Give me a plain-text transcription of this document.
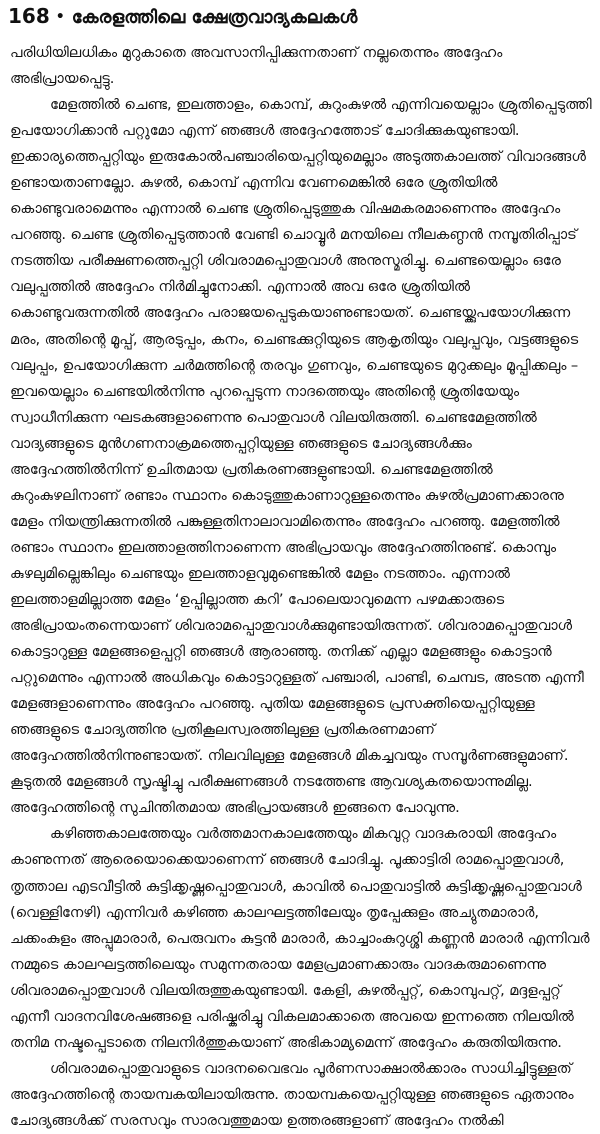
168 • കേരളത്തിലെ ക്ഷേത്രവാദ്യകലകൾ

പരിധിയിലധികം മുറുകാതെ അവസാനിപ്പിക്കുന്നതാണ് നല്ലതെന്നും അദ്ദേഹം അഭിപ്രായപ്പെട്ടു.

മേളത്തിൽ ചെണ്ട, ഇലത്താളം, കൊമ്പ്, കുറുംകുഴൽ എന്നിവയെല്ലാം ശ്രുതിപ്പെടുത്തി ഉപയോഗിക്കാൻ പറ്റുമോ എന്ന് ഞങ്ങൾ അദ്ദേഹത്തോട് ചോദിക്കുകയുണ്ടായി. ഇക്കാര്യത്തെപ്പറ്റിയും ഇരുകോൽപഞ്ചാരിയെപ്പറ്റിയുമെല്ലാം അടുത്തകാലത്ത് വിവാദങ്ങൾ ഉണ്ടായതാണല്ലോ. കുഴൽ, കൊമ്പ് എന്നിവ വേണമെങ്കിൽ ഒരേ ശ്രുതിയിൽ കൊണ്ടുവരാമെന്നും എന്നാൽ ചെണ്ട ശ്രുതിപ്പെടുത്തുക വിഷമകരമാണെന്നും അദ്ദേഹം പറഞ്ഞു. ചെണ്ട ശ്രുതിപ്പെടുത്താൻ വേണ്ടി ചൊവ്വൂർ മനയിലെ നീലകണ്ഠൻ നമ്പൂതിരിപ്പാട് നടത്തിയ പരീക്ഷണത്തെപ്പറ്റി ശിവരാമപ്പൊതുവാൾ അനുസ്മരിച്ചു. ചെണ്ടയെല്ലാം ഒരേ വലുപ്പത്തിൽ അദ്ദേഹം നിർമിച്ചുനോക്കി. എന്നാൽ അവ ഒരേ ശ്രുതിയിൽ കൊണ്ടുവരുന്നതിൽ അദ്ദേഹം പരാജയപ്പെടുകയാണുണ്ടായത്. ചെണ്ടയ്ക്കുപയോഗിക്കുന്ന മരം, അതിന്റെ മൂപ്പ്, ആരടുപ്പം, കനം, ചെണ്ടക്കുറ്റിയുടെ ആകൃതിയും വലുപ്പവും, വട്ടങ്ങളുടെ വലുപ്പം, ഉപയോഗിക്കുന്ന ചർമത്തിന്റെ തരവും ഗുണവും, ചെണ്ടയുടെ മുറുക്കലും മൂപ്പിക്കലും – ഇവയെല്ലാം ചെണ്ടയിൽനിന്നു പുറപ്പെടുന്ന നാദത്തെയും അതിന്റെ ശ്രുതിയേയും സ്വാധീനിക്കുന്ന ഘടകങ്ങളാണെന്നു പൊതുവാൾ വിലയിരുത്തി. ചെണ്ടമേളത്തിൽ വാദ്യങ്ങളുടെ മുൻഗണനാക്രമത്തെപ്പറ്റിയുള്ള ഞങ്ങളുടെ ചോദ്യങ്ങൾക്കും അദ്ദേഹത്തിൽനിന്ന് ഉചിതമായ പ്രതികരണങ്ങളുണ്ടായി. ചെണ്ടമേളത്തിൽ കുറുംകുഴലിനാണ് രണ്ടാം സ്ഥാനം കൊടുത്തുകാണാറുള്ളതെന്നും കുഴൽപ്രമാണക്കാരനു മേളം നിയന്ത്രിക്കുന്നതിൽ പങ്കുള്ളതിനാലാവാമിതെന്നും അദ്ദേഹം പറഞ്ഞു. മേളത്തിൽ രണ്ടാം സ്ഥാനം ഇലത്താളത്തിനാണെന്ന അഭിപ്രായവും അദ്ദേഹത്തിനുണ്ട്. കൊമ്പും കുഴലുമില്ലെങ്കിലും ചെണ്ടയും ഇലത്താളവുമുണ്ടെങ്കിൽ മേളം നടത്താം. എന്നാൽ ഇലത്താളമില്ലാത്ത മേളം ‘ഉപ്പില്ലാത്ത കറി’ പോലെയാവുമെന്ന പഴമക്കാരുടെ അഭിപ്രായംതന്നെയാണ് ശിവരാമപ്പൊതുവാൾക്കുമുണ്ടായിരുന്നത്. ശിവരാമപ്പൊതുവാൾ കൊട്ടാറുള്ള മേളങ്ങളെപ്പറ്റി ഞങ്ങൾ ആരാഞ്ഞു. തനിക്ക് എല്ലാ മേളങ്ങളും കൊട്ടാൻ പറ്റുമെന്നും എന്നാൽ അധികവും കൊട്ടാറുള്ളത് പഞ്ചാരി, പാണ്ടി, ചെമ്പട, അടന്ത എന്നീ മേളങ്ങളാണെന്നും അദ്ദേഹം പറഞ്ഞു. പുതിയ മേളങ്ങളുടെ പ്രസക്തിയെപ്പറ്റിയുള്ള ഞങ്ങളുടെ ചോദ്യത്തിനു പ്രതികൂലസ്വരത്തിലുള്ള പ്രതികരണമാണ് അദ്ദേഹത്തിൽനിന്നുണ്ടായത്. നിലവിലുള്ള മേളങ്ങൾ മികച്ചവയും സമ്പൂർണങ്ങളുമാണ്. കൂടുതൽ മേളങ്ങൾ സൃഷ്ടിച്ചു പരീക്ഷണങ്ങൾ നടത്തേണ്ട ആവശ്യകതയൊന്നുമില്ല. അദ്ദേഹത്തിന്റെ സുചിന്തിതമായ അഭിപ്രായങ്ങൾ ഇങ്ങനെ പോവുന്നു.

കഴിഞ്ഞകാലത്തേയും വർത്തമാനകാലത്തേയും മികവുറ്റ വാദകരായി അദ്ദേഹം കാണുന്നത് ആരെയൊക്കെയാണെന്ന് ഞങ്ങൾ ചോദിച്ചു. പൂക്കാട്ടിരി രാമപ്പൊതുവാൾ, തൃത്താല എടവീട്ടിൽ കുട്ടിക്കൃഷ്ണപ്പൊതുവാൾ, കാവിൽ പൊതുവാട്ടിൽ കുട്ടിക്കൃഷ്ണപ്പൊതുവാൾ (വെള്ളിനേഴി) എന്നിവർ കഴിഞ്ഞ കാലഘട്ടത്തിലേയും തൃപ്പേക്കുളം അച്യുതമാരാർ, ചക്കംകുളം അപ്പുമാരാർ, പെരുവനം കുട്ടൻ മാരാർ, കാച്ചാംകുറുശ്ശി കണ്ണൻ മാരാർ എന്നിവർ നമ്മുടെ കാലഘട്ടത്തിലെയും സമുന്നതരായ മേളപ്രമാണക്കാരും വാദകരുമാണെന്നു ശിവരാമപ്പൊതുവാൾ വിലയിരുത്തുകയുണ്ടായി. കേളി, കുഴൽപ്പറ്റ്, കൊമ്പുപറ്റ്, മദ്ദളപ്പറ്റ് എന്നീ വാദനവിശേഷങ്ങളെ പരിഷ്കരിച്ചു വികലമാക്കാതെ അവയെ ഇന്നത്തെ നിലയിൽ തനിമ നഷ്ടപ്പെടാതെ നിലനിർത്തുകയാണ് അഭികാമ്യമെന്ന് അദ്ദേഹം കരുതിയിരുന്നു.

ശിവരാമപ്പൊതുവാളുടെ വാദനവൈഭവം പൂർണസാക്ഷാൽക്കാരം സാധിച്ചിട്ടുള്ളത് അദ്ദേഹത്തിന്റെ തായമ്പകയിലായിരുന്നു. തായമ്പകയെപ്പറ്റിയുള്ള ഞങ്ങളുടെ ഏതാനും ചോദ്യങ്ങൾക്ക് സരസവും സാരവത്തുമായ ഉത്തരങ്ങളാണ് അദ്ദേഹം നൽകി
